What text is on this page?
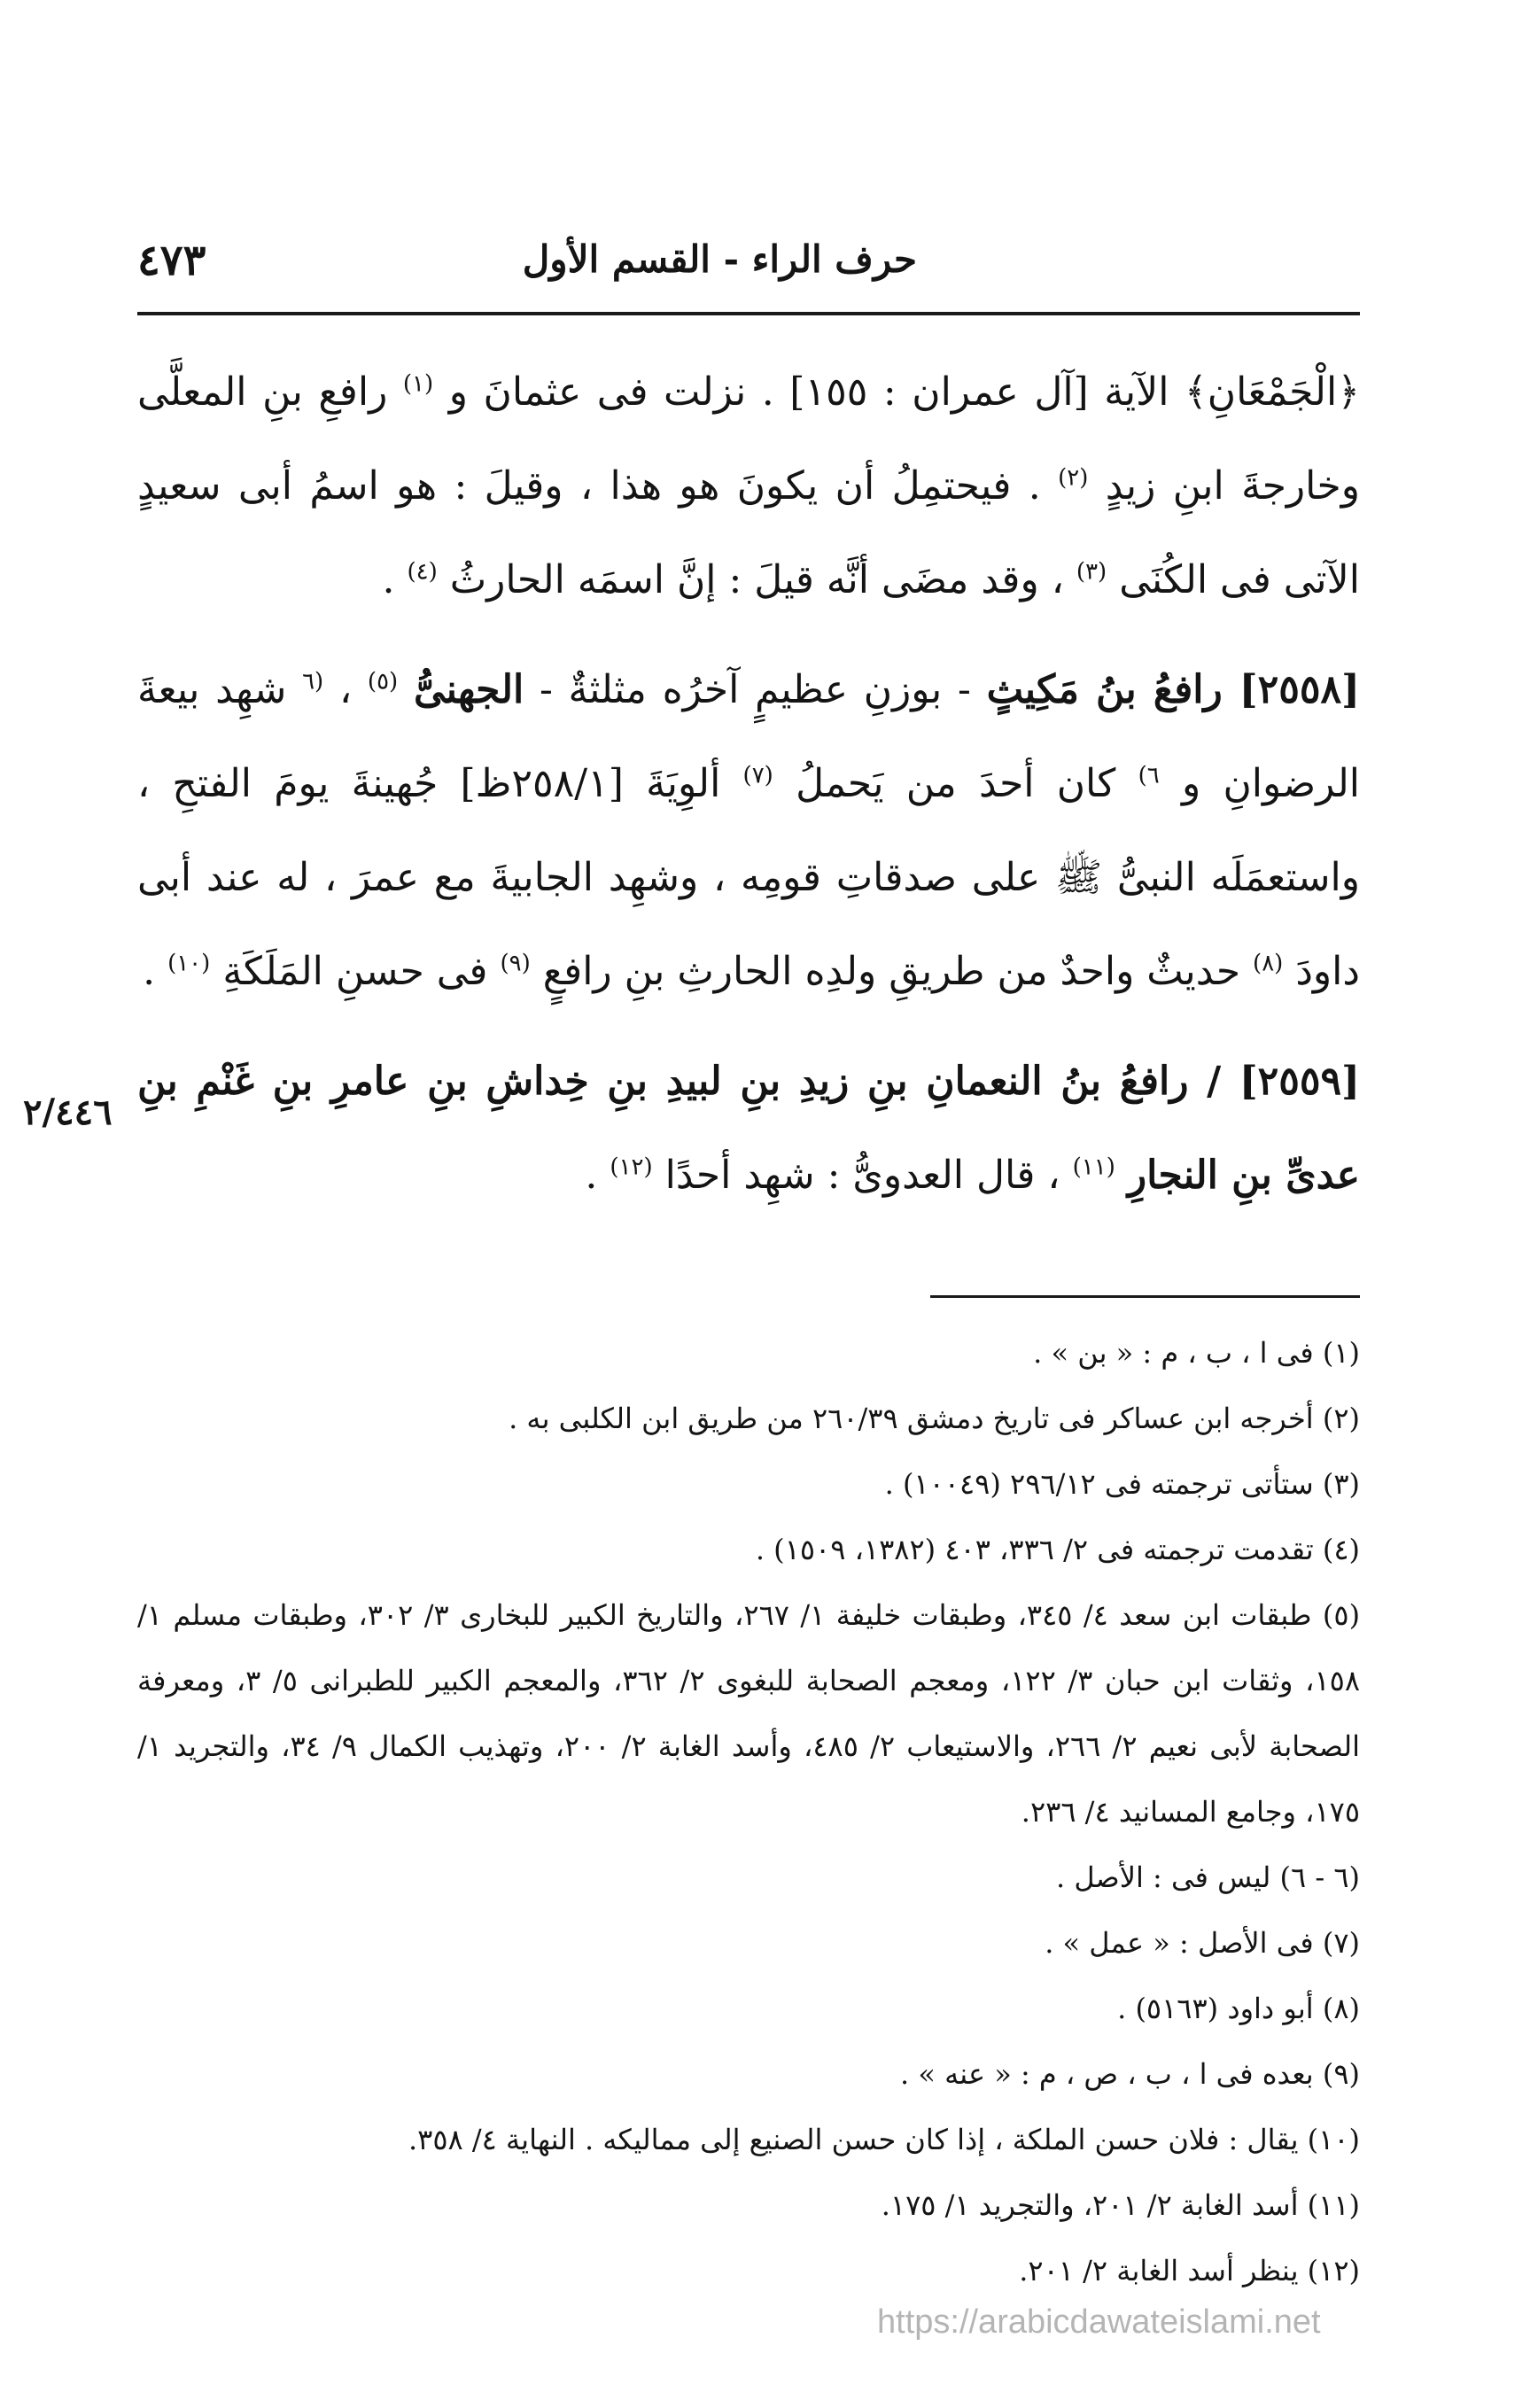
حرف الراء - القسم الأول
٤٧٣

﴿الْجَمْعَانِ﴾ الآية [آل عمران : ١٥٥] . نزلت فى عثمانَ و $^{(١)}$ رافعِ بنِ المعلَّى وخارجةَ ابنِ زيدٍ $^{(٢)}$ . فيحتمِلُ أن يكونَ هو هذا ، وقيلَ : هو اسمُ أبى سعيدٍ الآتى فى الكُنَى $^{(٣)}$ ، وقد مضَى أنَّه قيلَ : إنَّ اسمَه الحارثُ $^{(٤)}$ .

[٢٥٥٨] رافعُ بنُ مَكِيثٍ - بوزنِ عظيمٍ آخرُه مثلثةٌ - الجهنىُّ $^{(٥)}$ ، $^{(٦}$ شهِد بيعةَ الرضوانِ و $^{٦)}$ كان أحدَ من يَحملُ $^{(٧)}$ ألوِيَةَ [٢٥٨/١ظ] جُهينةَ يومَ الفتحِ ، واستعمَلَه النبىُّ ﷺ على صدقاتِ قومِه ، وشهِد الجابيةَ مع عمرَ ، له عند أبى داودَ $^{(٨)}$ حديثٌ واحدٌ من طريقِ ولدِه الحارثِ بنِ رافعٍ $^{(٩)}$ فى حسنِ المَلَكَةِ $^{(١٠)}$ .

[٢٥٥٩] / رافعُ بنُ النعمانِ بنِ زيدِ بنِ لبيدِ بنِ خِداشِ بنِ عامرِ بنِ غَنْمِ بنِ عدىِّ بنِ النجارِ $^{(١١)}$ ، قال العدوىُّ : شهِد أحدًا $^{(١٢)}$ .

٢/٤٤٦

(١) فى ا ، ب ، م : « بن » .

(٢) أخرجه ابن عساكر فى تاريخ دمشق ٢٦٠/٣٩ من طريق ابن الكلبى به .

(٣) ستأتى ترجمته فى ٢٩٦/١٢ (١٠٠٤٩) .

(٤) تقدمت ترجمته فى ٢/ ٣٣٦، ٤٠٣ (١٣٨٢، ١٥٠٩) .

(٥) طبقات ابن سعد ٤/ ٣٤٥، وطبقات خليفة ١/ ٢٦٧، والتاريخ الكبير للبخارى ٣/ ٣٠٢، وطبقات مسلم ١/ ١٥٨، وثقات ابن حبان ٣/ ١٢٢، ومعجم الصحابة للبغوى ٢/ ٣٦٢، والمعجم الكبير للطبرانى ٥/ ٣، ومعرفة الصحابة لأبى نعيم ٢/ ٢٦٦، والاستيعاب ٢/ ٤٨٥، وأسد الغابة ٢/ ٢٠٠، وتهذيب الكمال ٩/ ٣٤، والتجريد ١/ ١٧٥، وجامع المسانيد ٤/ ٢٣٦.

(٦ - ٦) ليس فى : الأصل .

(٧) فى الأصل : « عمل » .

(٨) أبو داود (٥١٦٣) .

(٩) بعده فى ا ، ب ، ص ، م : « عنه » .

(١٠) يقال : فلان حسن الملكة ، إذا كان حسن الصنيع إلى مماليكه . النهاية ٤/ ٣٥٨.

(١١) أسد الغابة ٢/ ٢٠١، والتجريد ١/ ١٧٥.

(١٢) ينظر أسد الغابة ٢/ ٢٠١.

https://arabicdawateislami.net
